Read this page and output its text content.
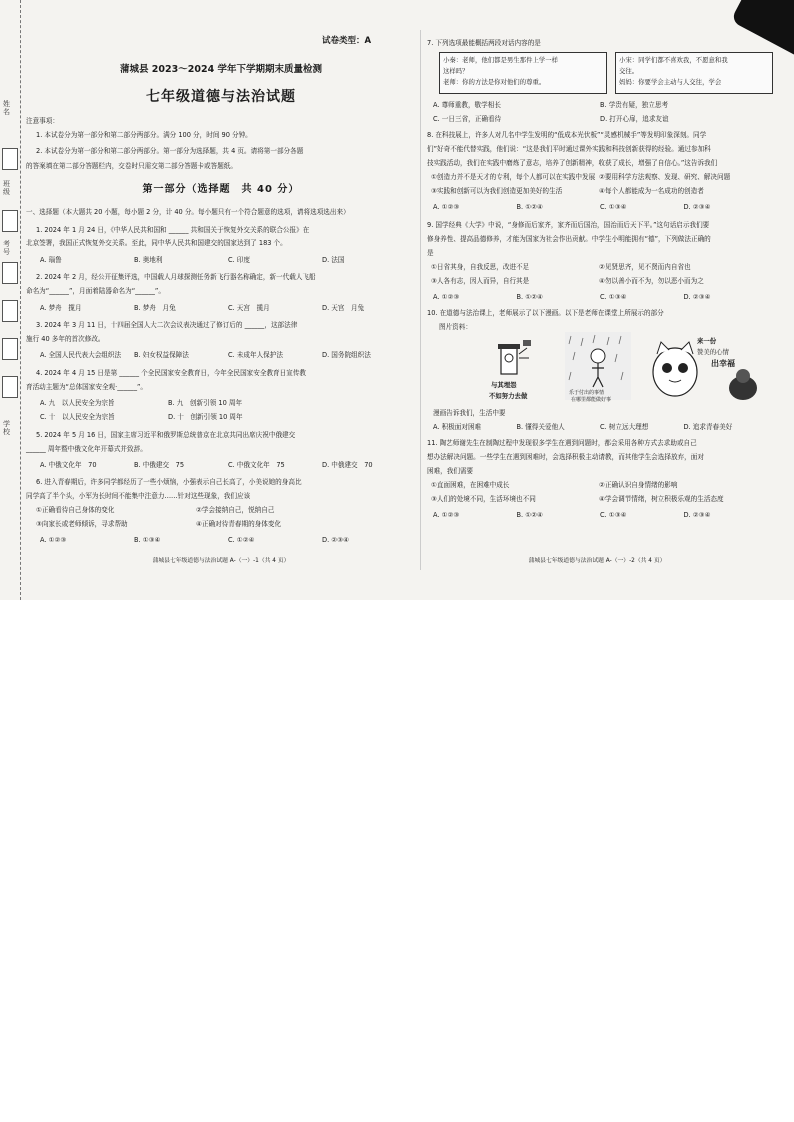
姓名
班级
考号
学校
试卷类型：A
蒲城县 2023～2024 学年下学期期末质量检测
七年级道德与法治试题
注意事项：
1. 本试卷分为第一部分和第二部分两部分。满分 100 分，时间 90 分钟。
2. 本试卷分为第一部分和第二部分两部分。第一部分为选择题，共 4 页。请将第一部分各题
的答案填在第二部分答题栏内，交卷时只需交第二部分答题卡或答题纸。
第一部分（选择题　共 40 分）
一、选择题（本大题共 20 小题，每小题 2 分，计 40 分。每小题只有一个符合题意的选项，请将选项选出来）
1. 2024 年 1 月 24 日，《中华人民共和国和 ______ 共和国关于恢复外交关系的联合公报》在
北京签署，我国正式恢复外交关系。至此，同中华人民共和国建交的国家达到了 183 个。
A. 瑙鲁	B. 奥地利	C. 印度	D. 法国
2. 2024 年 2 月，经公开征集评选，中国载人月球探测任务新飞行器名称确定，新一代载人飞船
命名为“______”，月面着陆器命名为“______”。
A. 梦舟　揽月	B. 梦舟　月兔	C. 天宫　揽月	D. 天宫　月兔
3. 2024 年 3 月 11 日，十四届全国人大二次会议表决通过了修订后的 ______，这部法律
施行 40 多年的首次修改。
A. 全国人民代表大会组织法	B. 妇女权益保障法	C. 未成年人保护法	D. 国务院组织法
4. 2024 年 4 月 15 日是第 ______ 个全民国家安全教育日，今年全民国家安全教育日宣传教
育活动主题为“总体国家安全观·______”。
A. 九　以人民安全为宗旨	B. 九　创新引领 10 周年
C. 十　以人民安全为宗旨	D. 十　创新引领 10 周年
5. 2024 年 5 月 16 日，国家主席习近平和俄罗斯总统普京在北京共同出席庆祝中俄建交
______ 周年暨中俄文化年开幕式并致辞。
A. 中俄文化年　70	B. 中俄建交　75	C. 中俄文化年　75	D. 中俄建交　70
6. 进入青春期后，许多同学都经历了一些小烦恼，小强表示自己长高了，小美说她的身高比
同学高了半个头，小军为长时间不能集中注意力……针对这些现象，我们应该
①正确看待自己身体的变化	②学会接纳自己，悦纳自己
③向家长或老师倾诉，寻求帮助	④正确对待青春期的身体变化
A. ①②③	B. ①③④	C. ①②④	D. ②③④
蒲城县七年级道德与法治试题 A-（一）-1（共 4 页）
7. 下列选项最能概括两段对话内容的是
小秦：老师，他们都是男生那件上学一样
这样吗？
老师：你的方法是你对他们的尊重。
小宋：同学们都不喜欢我，不愿意和我
交往。
妈妈：你要学会主动与人交往，学会
A. 尊师重教，敬学相长	B. 学贵有疑，独立思考
C. 一日三省，正确看待	D. 打开心扉，追求友谊
8. 在科技展上，许多人对几名中学生发明的“低成本光伏板”“灵感机械手”等发明印象深刻。同学
们”好奇不能代替实践，他们说：“这是我们平时通过课外实践和科技创新获得的经验。通过参加科
技实践活动，我们在实践中磨炼了意志，培养了创新精神，收获了成长，增强了自信心。”这告诉我们
①创造力并不是天才的专利，每个人都可以在实践中发展 ②要用科学方法观察、发现、研究、解决问题
③实践和创新可以为我们创造更加美好的生活	④每个人都能成为一名成功的创造者
A. ①②③	B. ①②④	C. ①③④	D. ②③④
9. 国学经典《大学》中说，“身修而后家齐，家齐而后国治，国治而后天下平。”这句话启示我们要
修身养性、提高品德修养，才能为国家为社会作出贡献。中学生小明能拥有“德”，下列做法正确的
是
①日省其身，自我反思，改进不足	②见贤思齐，见不贤而内自省也
③人各有志，因人而异，自行其是	④勿以善小而不为，勿以恶小而为之
A. ①②③	B. ①②④	C. ①③④	D. ②③④
10. 在道德与法治课上，老师展示了以下漫画。以下是老师在课堂上所展示的部分
图片资料：
与其埋怨
不如努力去做	乐于付出的事情
在哪里都能做好事
来一份
赞美的心情
出幸福
漫画告诉我们，生活中要
A. 积极面对困难	B. 懂得关爱他人	C. 树立远大理想	D. 追求青春美好
11. 陶艺师谢先生在制陶过程中发现很多学生在遇到问题时，都会采用各种方式去求助或自己
想办法解决问题。一些学生在遇到困难时，会选择积极主动请教，而其他学生会选择放弃，面对
困难，我们需要
①直面困难，在困难中成长	②正确认识自身情绪的影响
③人们的处境不同，生活环境也不同	④学会调节情绪，树立积极乐观的生活态度
A. ①②③	B. ①②④	C. ①③④	D. ②③④
蒲城县七年级道德与法治试题 A-（一）-2（共 4 页）
